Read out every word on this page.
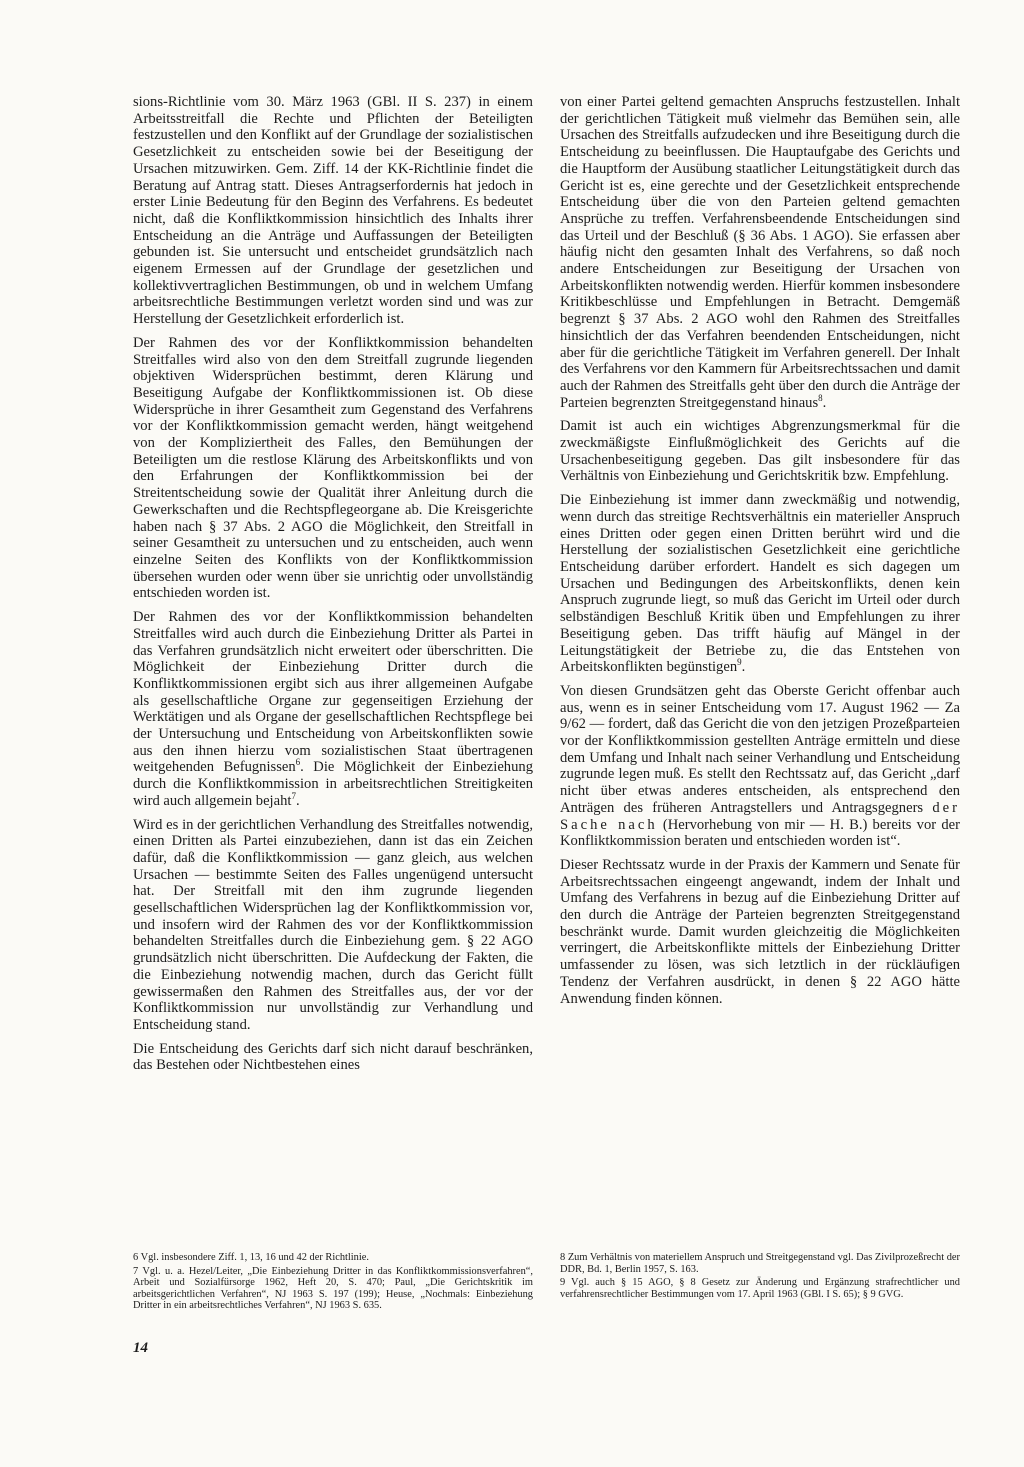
sions-Richtlinie vom 30. März 1963 (GBl. II S. 237) in einem Arbeitsstreitfall die Rechte und Pflichten der Beteiligten festzustellen und den Konflikt auf der Grundlage der sozialistischen Gesetzlichkeit zu entscheiden sowie bei der Beseitigung der Ursachen mitzuwirken. Gem. Ziff. 14 der KK-Richtlinie findet die Beratung auf Antrag statt. Dieses Antragserfordernis hat jedoch in erster Linie Bedeutung für den Beginn des Verfahrens. Es bedeutet nicht, daß die Konfliktkommission hinsichtlich des Inhalts ihrer Entscheidung an die Anträge und Auffassungen der Beteiligten gebunden ist. Sie untersucht und entscheidet grundsätzlich nach eigenem Ermessen auf der Grundlage der gesetzlichen und kollektivvertraglichen Bestimmungen, ob und in welchem Umfang arbeitsrechtliche Bestimmungen verletzt worden sind und was zur Herstellung der Gesetzlichkeit erforderlich ist.

Der Rahmen des vor der Konfliktkommission behandelten Streitfalles wird also von den dem Streitfall zugrunde liegenden objektiven Widersprüchen bestimmt, deren Klärung und Beseitigung Aufgabe der Konfliktkommissionen ist. Ob diese Widersprüche in ihrer Gesamtheit zum Gegenstand des Verfahrens vor der Konfliktkommission gemacht werden, hängt weitgehend von der Kompliziertheit des Falles, den Bemühungen der Beteiligten um die restlose Klärung des Arbeitskonflikts und von den Erfahrungen der Konfliktkommission bei der Streitentscheidung sowie der Qualität ihrer Anleitung durch die Gewerkschaften und die Rechtspflegeorgane ab. Die Kreisgerichte haben nach § 37 Abs. 2 AGO die Möglichkeit, den Streitfall in seiner Gesamtheit zu untersuchen und zu entscheiden, auch wenn einzelne Seiten des Konflikts von der Konfliktkommission übersehen wurden oder wenn über sie unrichtig oder unvollständig entschieden worden ist.

Der Rahmen des vor der Konfliktkommission behandelten Streitfalles wird auch durch die Einbeziehung Dritter als Partei in das Verfahren grundsätzlich nicht erweitert oder überschritten. Die Möglichkeit der Einbeziehung Dritter durch die Konfliktkommissionen ergibt sich aus ihrer allgemeinen Aufgabe als gesellschaftliche Organe zur gegenseitigen Erziehung der Werktätigen und als Organe der gesellschaftlichen Rechtspflege bei der Untersuchung und Entscheidung von Arbeitskonflikten sowie aus den ihnen hierzu vom sozialistischen Staat übertragenen weitgehenden Befugnissen$^6$. Die Möglichkeit der Einbeziehung durch die Konfliktkommission in arbeitsrechtlichen Streitigkeiten wird auch allgemein bejaht$^7$.

Wird es in der gerichtlichen Verhandlung des Streitfalles notwendig, einen Dritten als Partei einzubeziehen, dann ist das ein Zeichen dafür, daß die Konfliktkommission — ganz gleich, aus welchen Ursachen — bestimmte Seiten des Falles ungenügend untersucht hat. Der Streitfall mit den ihm zugrunde liegenden gesellschaftlichen Widersprüchen lag der Konfliktkommission vor, und insofern wird der Rahmen des vor der Konfliktkommission behandelten Streitfalles durch die Einbeziehung gem. § 22 AGO grundsätzlich nicht überschritten. Die Aufdeckung der Fakten, die die Einbeziehung notwendig machen, durch das Gericht füllt gewissermaßen den Rahmen des Streitfalles aus, der vor der Konfliktkommission nur unvollständig zur Verhandlung und Entscheidung stand.

Die Entscheidung des Gerichts darf sich nicht darauf beschränken, das Bestehen oder Nichtbestehen eines

von einer Partei geltend gemachten Anspruchs festzustellen. Inhalt der gerichtlichen Tätigkeit muß vielmehr das Bemühen sein, alle Ursachen des Streitfalls aufzudecken und ihre Beseitigung durch die Entscheidung zu beeinflussen. Die Hauptaufgabe des Gerichts und die Hauptform der Ausübung staatlicher Leitungstätigkeit durch das Gericht ist es, eine gerechte und der Gesetzlichkeit entsprechende Entscheidung über die von den Parteien geltend gemachten Ansprüche zu treffen. Verfahrensbeendende Entscheidungen sind das Urteil und der Beschluß (§ 36 Abs. 1 AGO). Sie erfassen aber häufig nicht den gesamten Inhalt des Verfahrens, so daß noch andere Entscheidungen zur Beseitigung der Ursachen von Arbeitskonflikten notwendig werden. Hierfür kommen insbesondere Kritikbeschlüsse und Empfehlungen in Betracht. Demgemäß begrenzt § 37 Abs. 2 AGO wohl den Rahmen des Streitfalles hinsichtlich der das Verfahren beendenden Entscheidungen, nicht aber für die gerichtliche Tätigkeit im Verfahren generell. Der Inhalt des Verfahrens vor den Kammern für Arbeitsrechtssachen und damit auch der Rahmen des Streitfalls geht über den durch die Anträge der Parteien begrenzten Streitgegenstand hinaus$^8$.

Damit ist auch ein wichtiges Abgrenzungsmerkmal für die zweckmäßigste Einflußmöglichkeit des Gerichts auf die Ursachenbeseitigung gegeben. Das gilt insbesondere für das Verhältnis von Einbeziehung und Gerichtskritik bzw. Empfehlung.

Die Einbeziehung ist immer dann zweckmäßig und notwendig, wenn durch das streitige Rechtsverhältnis ein materieller Anspruch eines Dritten oder gegen einen Dritten berührt wird und die Herstellung der sozialistischen Gesetzlichkeit eine gerichtliche Entscheidung darüber erfordert. Handelt es sich dagegen um Ursachen und Bedingungen des Arbeitskonflikts, denen kein Anspruch zugrunde liegt, so muß das Gericht im Urteil oder durch selbständigen Beschluß Kritik üben und Empfehlungen zu ihrer Beseitigung geben. Das trifft häufig auf Mängel in der Leitungstätigkeit der Betriebe zu, die das Entstehen von Arbeitskonflikten begünstigen$^9$.

Von diesen Grundsätzen geht das Oberste Gericht offenbar auch aus, wenn es in seiner Entscheidung vom 17. August 1962 — Za 9/62 — fordert, daß das Gericht die von den jetzigen Prozeßparteien vor der Konfliktkommission gestellten Anträge ermitteln und diese dem Umfang und Inhalt nach seiner Verhandlung und Entscheidung zugrunde legen muß. Es stellt den Rechtssatz auf, das Gericht „darf nicht über etwas anderes entscheiden, als entsprechend den Anträgen des früheren Antragstellers und Antragsgegners der Sache nach (Hervorhebung von mir — H. B.) bereits vor der Konfliktkommission beraten und entschieden worden ist“.

Dieser Rechtssatz wurde in der Praxis der Kammern und Senate für Arbeitsrechtssachen eingeengt angewandt, indem der Inhalt und Umfang des Verfahrens in bezug auf die Einbeziehung Dritter auf den durch die Anträge der Parteien begrenzten Streitgegenstand beschränkt wurde. Damit wurden gleichzeitig die Möglichkeiten verringert, die Arbeitskonflikte mittels der Einbeziehung Dritter umfassender zu lösen, was sich letztlich in der rückläufigen Tendenz der Verfahren ausdrückt, in denen § 22 AGO hätte Anwendung finden können.

6 Vgl. insbesondere Ziff. 1, 13, 16 und 42 der Richtlinie.

7 Vgl. u. a. Hezel/Leiter, „Die Einbeziehung Dritter in das Konfliktkommissionsverfahren“, Arbeit und Sozialfürsorge 1962, Heft 20, S. 470; Paul, „Die Gerichtskritik im arbeitsgerichtlichen Verfahren“, NJ 1963 S. 197 (199); Heuse, „Nochmals: Einbeziehung Dritter in ein arbeitsrechtliches Verfahren“, NJ 1963 S. 635.

8 Zum Verhältnis von materiellem Anspruch und Streitgegenstand vgl. Das Zivilprozeßrecht der DDR, Bd. 1, Berlin 1957, S. 163.

9 Vgl. auch § 15 AGO, § 8 Gesetz zur Änderung und Ergänzung strafrechtlicher und verfahrensrechtlicher Bestimmungen vom 17. April 1963 (GBl. I S. 65); § 9 GVG.

14
